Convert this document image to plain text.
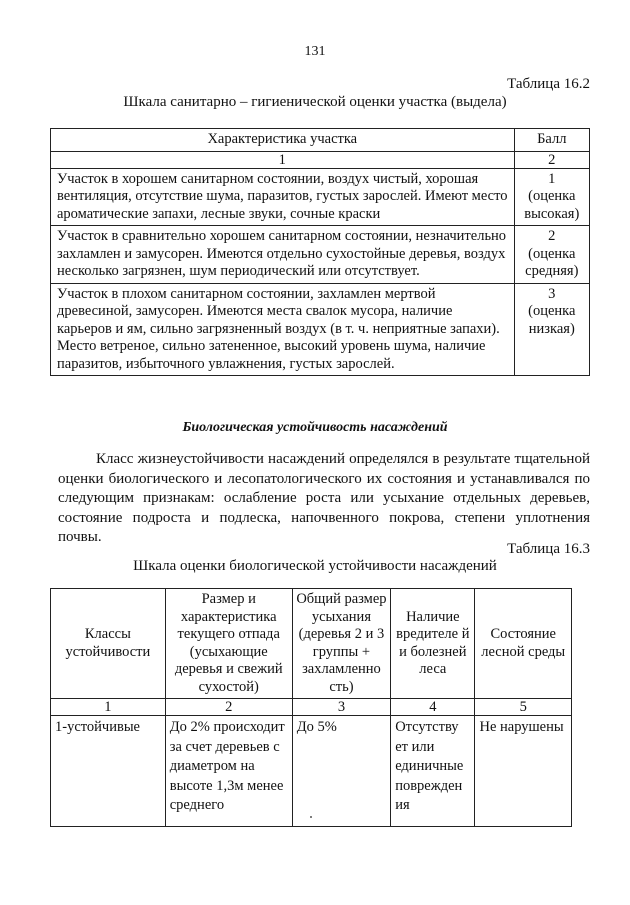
131
Таблица 16.2
Шкала санитарно – гигиенической оценки участка (выдела)
Характеристика участка	Балл
1	2
Участок в хорошем санитарном состоянии, воздух чистый, хорошая вентиляция, отсутствие шума, паразитов, густых зарослей. Имеют место ароматические запахи, лесные звуки, сочные краски	1
(оценка высокая)

Участок в сравнительно хорошем санитарном состоянии, незначительно захламлен и замусорен. Имеются отдельно сухостойные деревья, воздух несколько загрязнен, шум периодический или отсутствует.	2
(оценка средняя)

Участок в плохом санитарном состоянии, захламлен мертвой древесиной, замусорен. Имеются места свалок мусора, наличие карьеров и ям, сильно загрязненный воздух (в т. ч. неприятные запахи). Место ветреное, сильно затененное, высокий уровень шума, наличие паразитов, избыточного увлажнения, густых зарослей.	3
(оценка низкая)
Биологическая устойчивость насаждений

Класс жизнеустойчивости насаждений определялся в результате тщательной оценки биологического и лесопатологического их состояния и устанавливался по следующим признакам: ослабление роста или усыхание отдельных деревьев, состояние подроста и подлеска, напочвенного покрова, степени уплотнения почвы.

Таблица 16.3
Шкала оценки биологической устойчивости насаждений
Классы устойчивости	Размер и характеристика текущего отпада (усыхающие деревья и свежий сухостой)	Общий размер усыхания (деревья 2 и 3 группы + захламленно сть)	Наличие вредителе й и болезней леса	Состояние лесной среды
1	2	3	4	5
1-устойчивые	До 2% происходит за счет деревьев с диаметром на высоте 1,3м менее среднего	До 5%	Отсутству ет или единичные поврежден ия	Не нарушены
